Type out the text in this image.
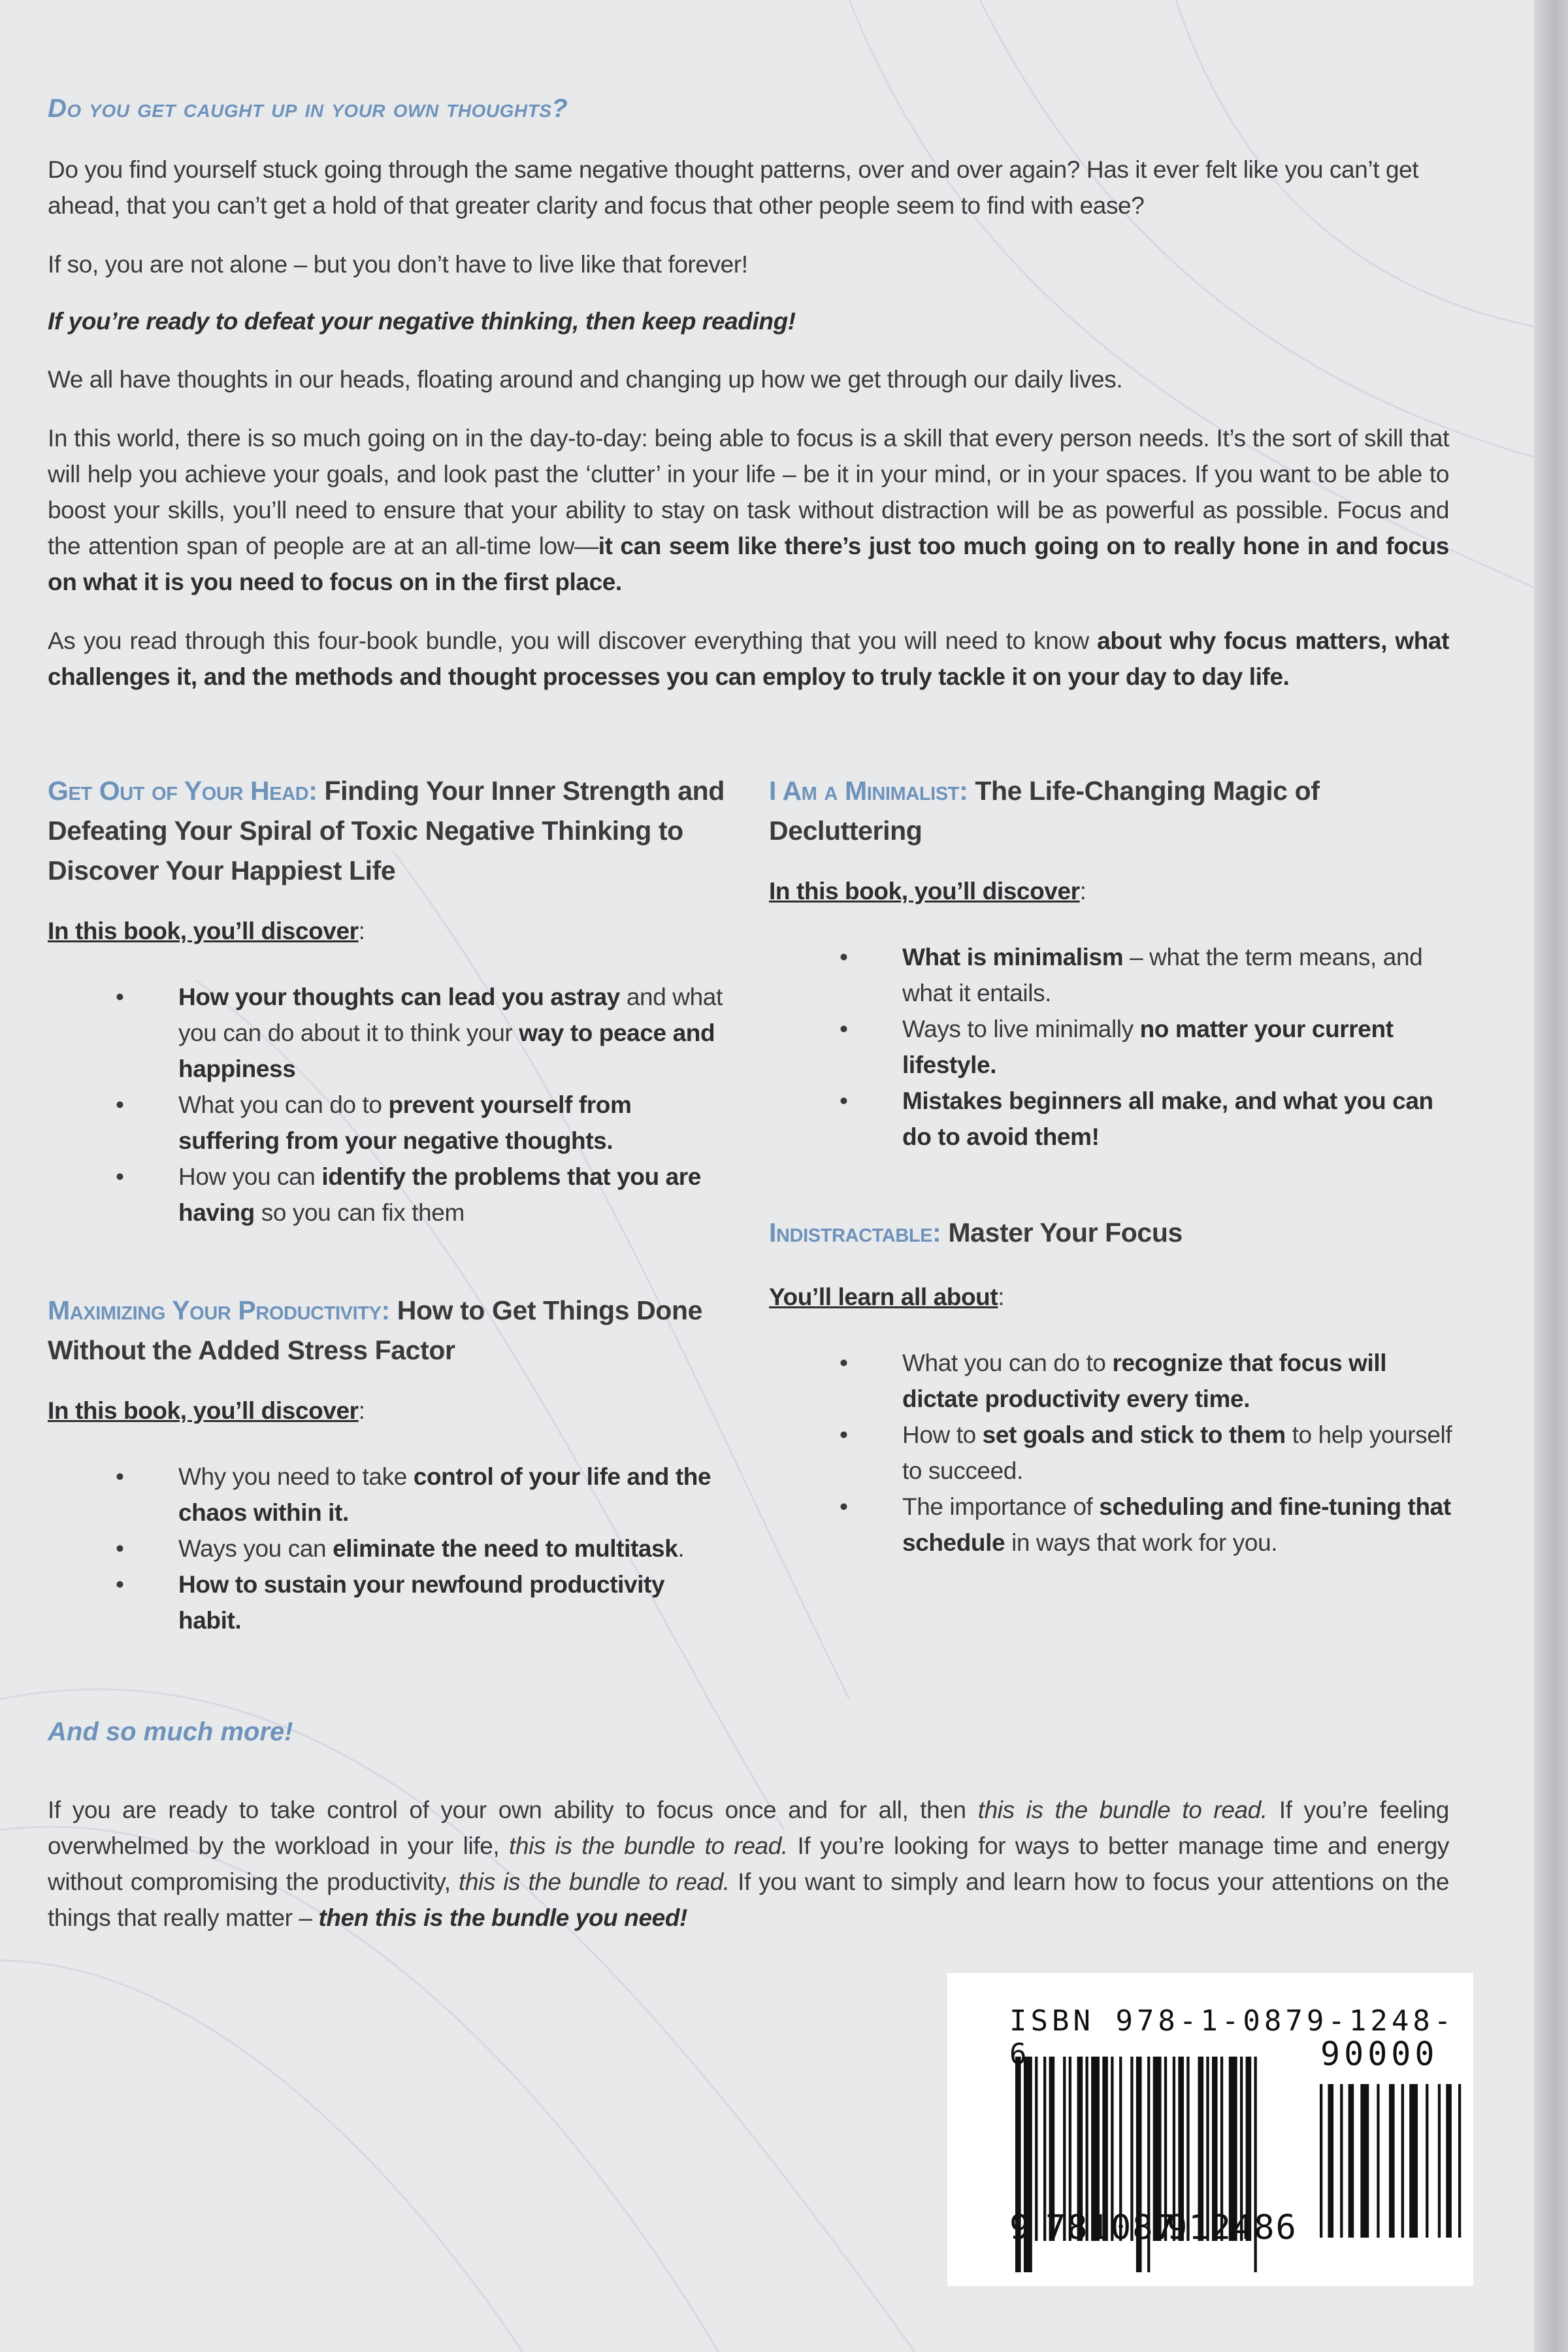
Do you get caught up in your own thoughts?
Do you find yourself stuck going through the same negative thought patterns, over and over again? Has it ever felt like you can’t get ahead, that you can’t get a hold of that greater clarity and focus that other people seem to find with ease?
If so, you are not alone – but you don’t have to live like that forever!
If you’re ready to defeat your negative thinking, then keep reading!
We all have thoughts in our heads, floating around and changing up how we get through our daily lives.
In this world, there is so much going on in the day-to-day: being able to focus is a skill that every person needs. It’s the sort of skill that will help you achieve your goals, and look past the ‘clutter’ in your life – be it in your mind, or in your spaces. If you want to be able to boost your skills, you’ll need to ensure that your ability to stay on task without distraction will be as powerful as possible. Focus and the attention span of people are at an all-time low—it can seem like there’s just too much going on to really hone in and focus on what it is you need to focus on in the first place.
As you read through this four-book bundle, you will discover everything that you will need to know about why focus matters, what challenges it, and the methods and thought processes you can employ to truly tackle it on your day to day life.
Get Out of Your Head: Finding Your Inner Strength and Defeating Your Spiral of Toxic Negative Thinking to Discover Your Happiest Life
In this book, you’ll discover:
• How your thoughts can lead you astray and what you can do about it to think your way to peace and happiness
• What you can do to prevent yourself from suffering from your negative thoughts.
• How you can identify the problems that you are having so you can fix them
Maximizing Your Productivity: How to Get Things Done Without the Added Stress Factor
In this book, you’ll discover:
• Why you need to take control of your life and the chaos within it.
• Ways you can eliminate the need to multitask.
• How to sustain your newfound productivity habit.
I Am a Minimalist: The Life-Changing Magic of Decluttering
In this book, you’ll discover:
• What is minimalism – what the term means, and what it entails.
• Ways to live minimally no matter your current lifestyle.
• Mistakes beginners all make, and what you can do to avoid them!
Indistractable: Master Your Focus
You’ll learn all about:
• What you can do to recognize that focus will dictate productivity every time.
• How to set goals and stick to them to help yourself to succeed.
• The importance of scheduling and fine-tuning that schedule in ways that work for you.
And so much more!
If you are ready to take control of your own ability to focus once and for all, then this is the bundle to read. If you’re feeling overwhelmed by the workload in your life, this is the bundle to read. If you’re looking for ways to better manage time and energy without compromising the productivity, this is the bundle to read. If you want to simply and learn how to focus your attentions on the things that really matter – then this is the bundle you need!
ISBN 978-1-0879-1248-6	90000
9 781087
912486
